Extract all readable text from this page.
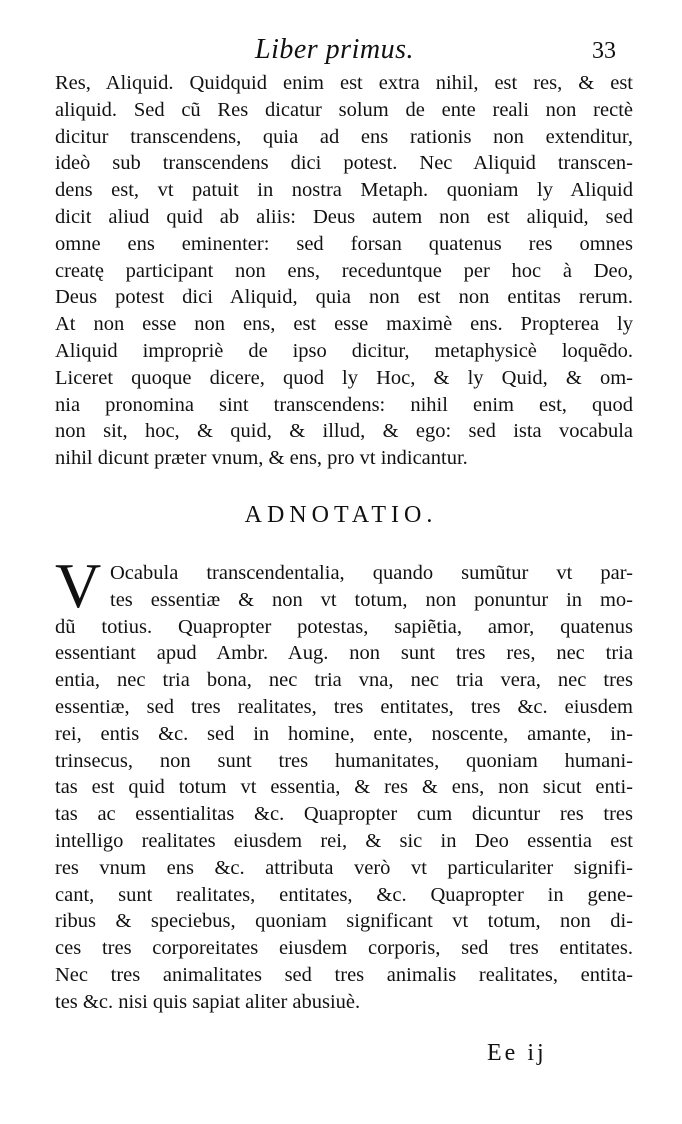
Liber primus.	33
Res, Aliquid. Quidquid enim est extra nihil, est res, & est
aliquid. Sed cũ Res dicatur solum de ente reali non rectè
dicitur transcendens, quia ad ens rationis non extenditur,
ideò sub transcendens dici potest. Nec Aliquid transcen-
dens est, vt patuit in nostra Metaph. quoniam ly Aliquid
dicit aliud quid ab aliis: Deus autem non est aliquid, sed
omne ens eminenter: sed forsan quatenus res omnes
creatę participant non ens, receduntque per hoc à Deo,
Deus potest dici Aliquid, quia non est non entitas rerum.
At non esse non ens, est esse maximè ens. Propterea ly
Aliquid impropriè de ipso dicitur, metaphysicè loquẽdo.
Liceret quoque dicere, quod ly Hoc, & ly Quid, & om-
nia pronomina sint transcendens: nihil enim est, quod
non sit, hoc, & quid, & illud, & ego: sed ista vocabula
nihil dicunt præter vnum, & ens, pro vt indicantur.
ADNOTATIO.
V Ocabula transcendentalia, quando sumũtur vt par-
tes essentiæ & non vt totum, non ponuntur in mo-
dũ totius. Quapropter potestas, sapiẽtia, amor, quatenus
essentiant apud Ambr. Aug. non sunt tres res, nec tria
entia, nec tria bona, nec tria vna, nec tria vera, nec tres
essentiæ, sed tres realitates, tres entitates, tres &c. eiusdem
rei, entis &c. sed in homine, ente, noscente, amante, in-
trinsecus, non sunt tres humanitates, quoniam humani-
tas est quid totum vt essentia, & res & ens, non sicut enti-
tas ac essentialitas &c. Quapropter cum dicuntur res tres
intelligo realitates eiusdem rei, & sic in Deo essentia est
res vnum ens &c. attributa verò vt particulariter signifi-
cant, sunt realitates, entitates, &c. Quapropter in gene-
ribus & speciebus, quoniam significant vt totum, non di-
ces tres corporeitates eiusdem corporis, sed tres entitates.
Nec tres animalitates sed tres animalis realitates, entita-
tes &c. nisi quis sapiat aliter abusiuè.
Ee ij
